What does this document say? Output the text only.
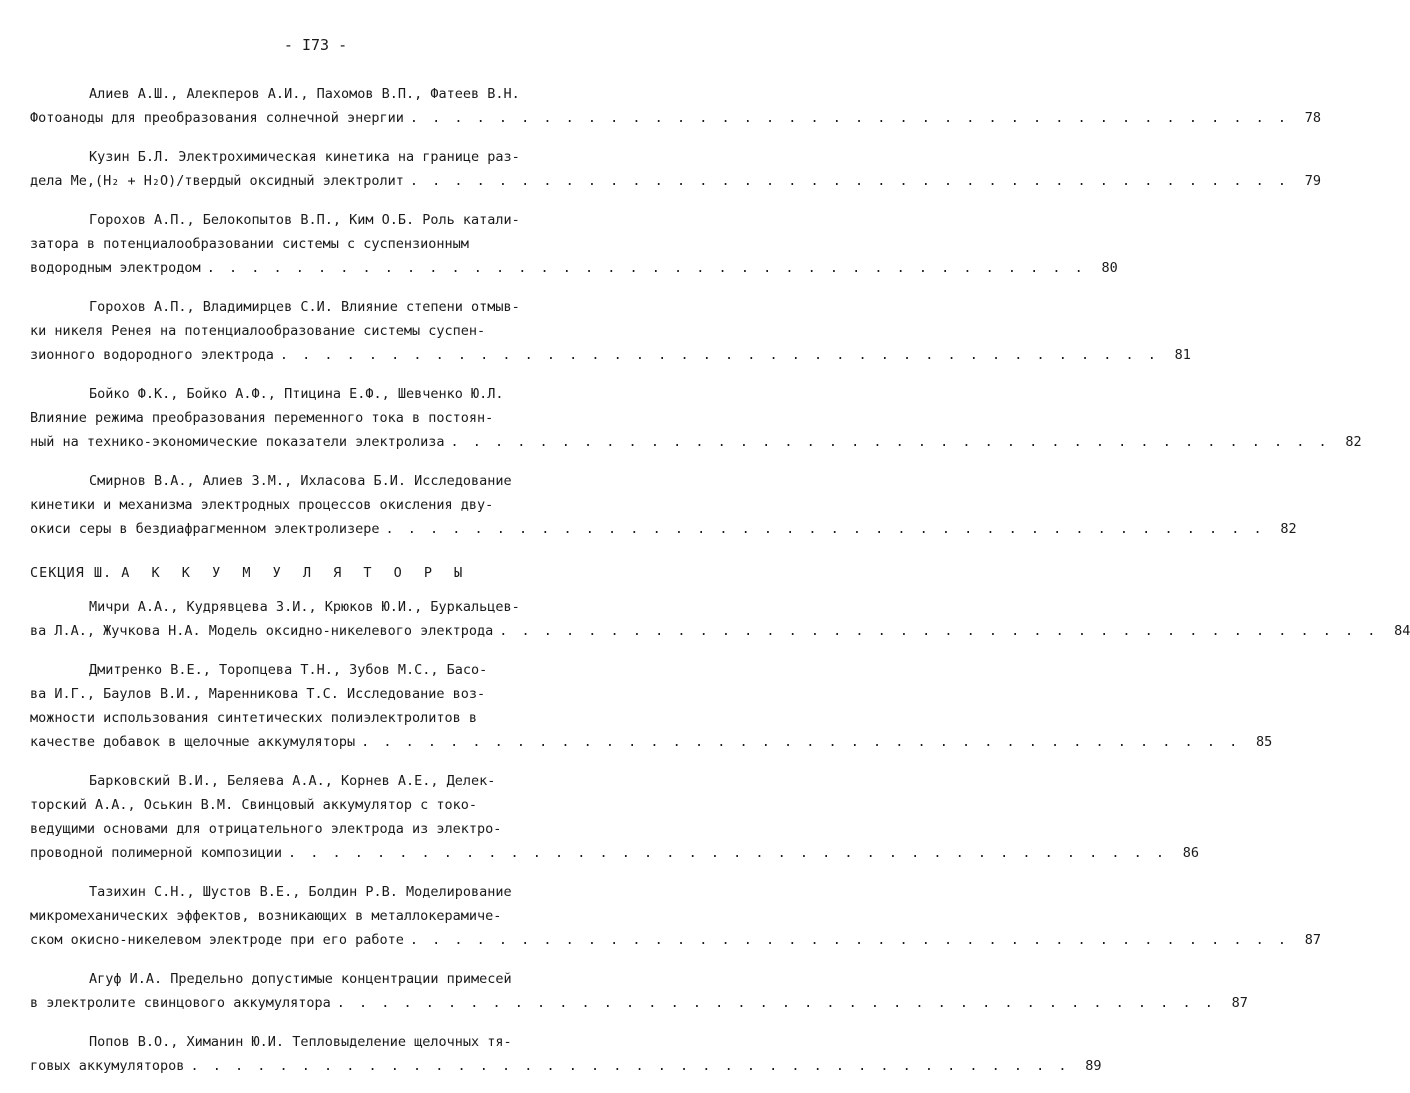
- I73 -
Алиев А.Ш., Алекперов А.И., Пахомов В.П., Фатеев В.Н.
Фотоаноды для преобразования солнечной энергии . . . . . . . . . . . . . . . . . . . . . . . . . . . . . . . . . . . . . . . .	78
Кузин Б.Л. Электрохимическая кинетика на границе раз-
дела Me,(H₂ + H₂O)/твердый оксидный электролит . . . . . . . . . . . . . . . . . . . . . . . . . . . . . . . . . . . . . . . .	79
Горохов А.П., Белокопытов В.П., Ким О.Б. Роль катали-
затора в потенциалообразовании системы с суспензионным
водородным электродом . . . . . . . . . . . . . . . . . . . . . . . . . . . . . . . . . . . . . . . .	80
Горохов А.П., Владимирцев С.И. Влияние степени отмыв-
ки никеля Ренея на потенциалообразование системы суспен-
зионного водородного электрода . . . . . . . . . . . . . . . . . . . . . . . . . . . . . . . . . . . . . . . .	81
Бойко Ф.К., Бойко А.Ф., Птицина Е.Ф., Шевченко Ю.Л.
Влияние режима преобразования переменного тока в постоян-
ный на технико-экономические показатели электролиза . . . . . . . . . . . . . . . . . . . . . . . . . . . . . . . . . . . . . . . .	82
Смирнов В.А., Алиев З.М., Ихласова Б.И. Исследование
кинетики и механизма электродных процессов окисления дву-
окиси серы в бездиафрагменном электролизере . . . . . . . . . . . . . . . . . . . . . . . . . . . . . . . . . . . . . . . .	82
СЕКЦИЯ Ш. А К К У М У Л Я Т О Р Ы
Мичри А.А., Кудрявцева З.И., Крюков Ю.И., Буркальцев-
ва Л.А., Жучкова Н.А. Модель оксидно-никелевого электрода . . . . . . . . . . . . . . . . . . . . . . . . . . . . . . . . . . . . . . . .	84
Дмитренко В.Е., Торопцева Т.Н., Зубов М.С., Басо-
ва И.Г., Баулов В.И., Маренникова Т.С. Исследование воз-
можности использования синтетических полиэлектролитов в
качестве добавок в щелочные аккумуляторы . . . . . . . . . . . . . . . . . . . . . . . . . . . . . . . . . . . . . . . .	85
Барковский В.И., Беляева А.А., Корнев А.Е., Делек-
торский А.А., Оськин В.М. Свинцовый аккумулятор с токо-
ведущими основами для отрицательного электрода из электро-
проводной полимерной композиции . . . . . . . . . . . . . . . . . . . . . . . . . . . . . . . . . . . . . . . .	86
Тазихин С.Н., Шустов В.Е., Болдин Р.В. Моделирование
микромеханических эффектов, возникающих в металлокерамиче-
ском окисно-никелевом электроде при его работе . . . . . . . . . . . . . . . . . . . . . . . . . . . . . . . . . . . . . . . .	87
Агуф И.А. Предельно допустимые концентрации примесей
в электролите свинцового аккумулятора . . . . . . . . . . . . . . . . . . . . . . . . . . . . . . . . . . . . . . . .	87
Попов В.О., Химанин Ю.И. Тепловыделение щелочных тя-
говых аккумуляторов . . . . . . . . . . . . . . . . . . . . . . . . . . . . . . . . . . . . . . . .	89
